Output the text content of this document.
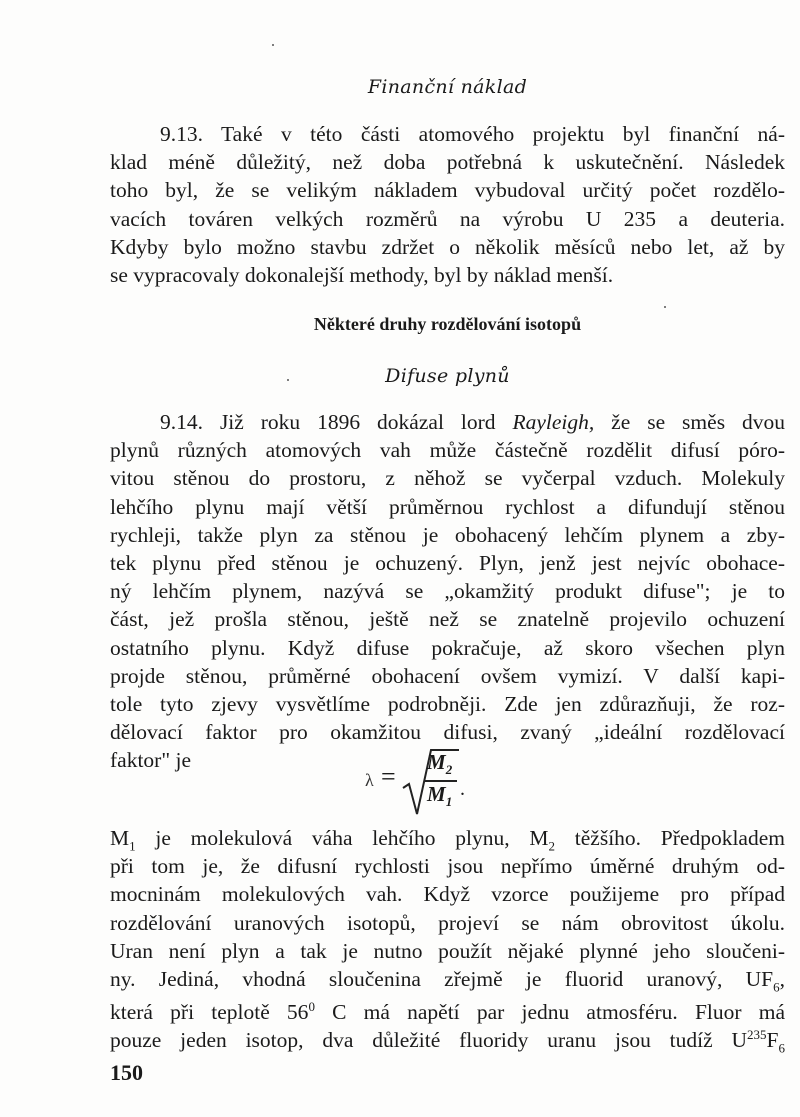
Finanční náklad
9.13. Také v této části atomového projektu byl finanční ná-
klad méně důležitý, než doba potřebná k uskutečnění. Následek
toho byl, že se velikým nákladem vybudoval určitý počet rozdělo-
vacích továren velkých rozměrů na výrobu U 235 a deuteria.
Kdyby bylo možno stavbu zdržet o několik měsíců nebo let, až by
se vypracovaly dokonalejší methody, byl by náklad menší.
Některé druhy rozdělování isotopů
Difuse plynů
9.14. Již roku 1896 dokázal lord Rayleigh, že se směs dvou
plynů různých atomových vah může částečně rozdělit difusí póro-
vitou stěnou do prostoru, z něhož se vyčerpal vzduch. Molekuly
lehčího plynu mají větší průměrnou rychlost a difundují stěnou
rychleji, takže plyn za stěnou je obohacený lehčím plynem a zby-
tek plynu před stěnou je ochuzený. Plyn, jenž jest nejvíc obohace-
ný lehčím plynem, nazývá se „okamžitý produkt difuse"; je to
část, jež prošla stěnou, ještě než se znatelně projevilo ochuzení
ostatního plynu. Když difuse pokračuje, až skoro všechen plyn
projde stěnou, průměrné obohacení ovšem vymizí. V další kapi-
tole tyto zjevy vysvětlíme podrobněji. Zde jen zdůrazňuji, že roz-
dělovací faktor pro okamžitou difusi, zvaný „ideální rozdělovací
faktor" je
$\lambda = M_2$
$M_1$
.
$M_1$ je molekulová váha lehčího plynu, $M_2$ těžšího. Předpokladem
při tom je, že difusní rychlosti jsou nepřímo úměrné druhým od-
mocninám molekulových vah. Když vzorce použijeme pro případ
rozdělování uranových isotopů, projeví se nám obrovitost úkolu.
Uran není plyn a tak je nutno použít nějaké plynné jeho sloučeni-
ny. Jediná, vhodná sloučenina zřejmě je fluorid uranový, $UF_6$,
která při teplotě $56^0$ C má napětí par jednu atmosféru. Fluor má
pouze jeden isotop, dva důležité fluoridy uranu jsou tudíž $U^{235}F_6$
150
